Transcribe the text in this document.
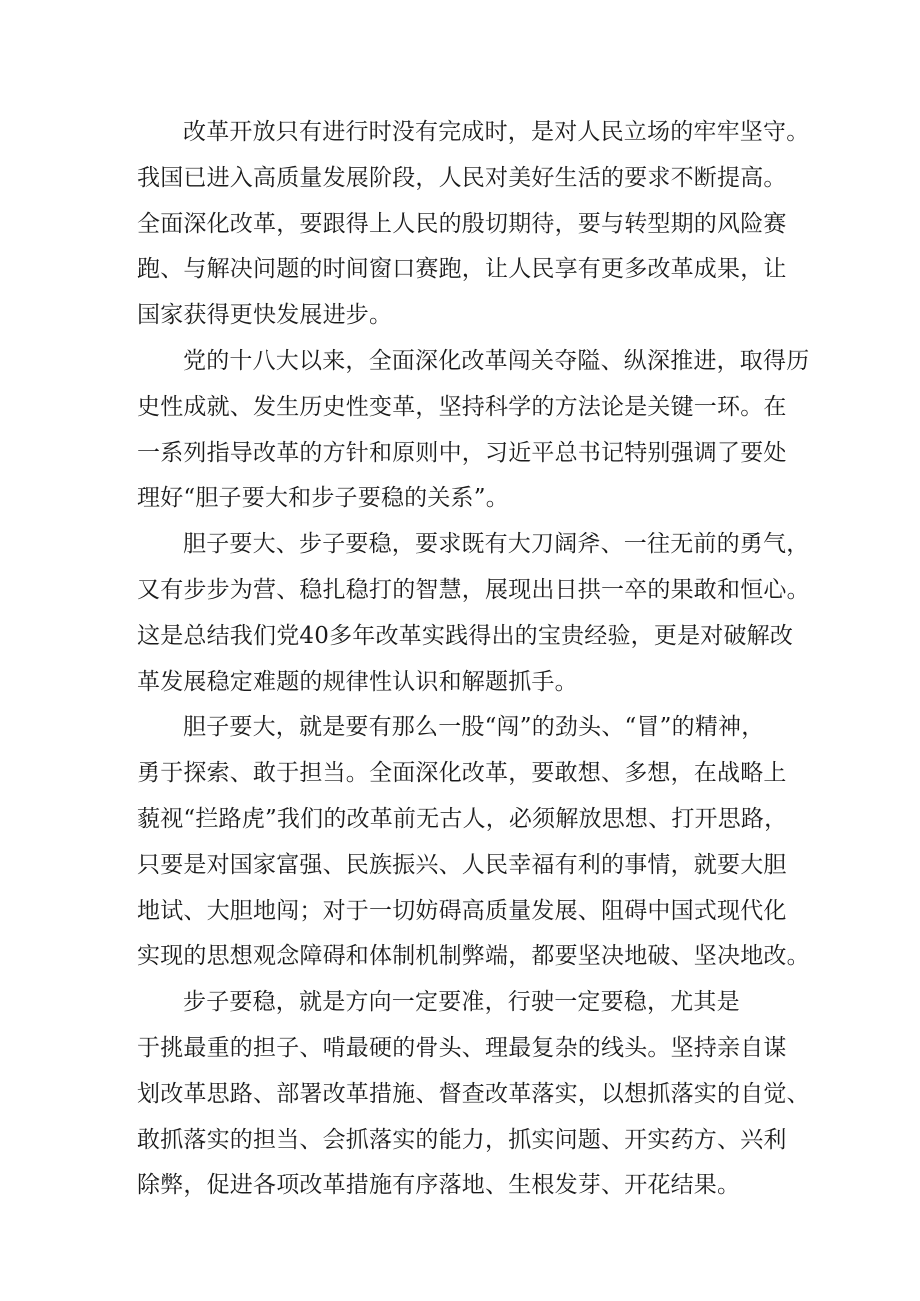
改革开放只有进行时没有完成时，是对人民立场的牢牢坚守。
我国已进入高质量发展阶段，人民对美好生活的要求不断提高。
全面深化改革，要跟得上人民的殷切期待，要与转型期的风险赛
跑、与解决问题的时间窗口赛跑，让人民享有更多改革成果，让
国家获得更快发展进步。
党的十八大以来，全面深化改革闯关夺隘、纵深推进，取得历
史性成就、发生历史性变革，坚持科学的方法论是关键一环。在
一系列指导改革的方针和原则中，习近平总书记特别强调了要处
理好“胆子要大和步子要稳的关系”。
胆子要大、步子要稳，要求既有大刀阔斧、一往无前的勇气，
又有步步为营、稳扎稳打的智慧，展现出日拱一卒的果敢和恒心。
这是总结我们党40多年改革实践得出的宝贵经验，更是对破解改
革发展稳定难题的规律性认识和解题抓手。
胆子要大，就是要有那么一股“闯”的劲头、“冒”的精神，
勇于探索、敢于担当。全面深化改革，要敢想、多想，在战略上
藐视“拦路虎”我们的改革前无古人，必须解放思想、打开思路，
只要是对国家富强、民族振兴、人民幸福有利的事情，就要大胆
地试、大胆地闯；对于一切妨碍高质量发展、阻碍中国式现代化
实现的思想观念障碍和体制机制弊端，都要坚决地破、坚决地改。
步子要稳，就是方向一定要准，行驶一定要稳，尤其是
于挑最重的担子、啃最硬的骨头、理最复杂的线头。坚持亲自谋
划改革思路、部署改革措施、督查改革落实，以想抓落实的自觉、
敢抓落实的担当、会抓落实的能力，抓实问题、开实药方、兴利
除弊，促进各项改革措施有序落地、生根发芽、开花结果。
